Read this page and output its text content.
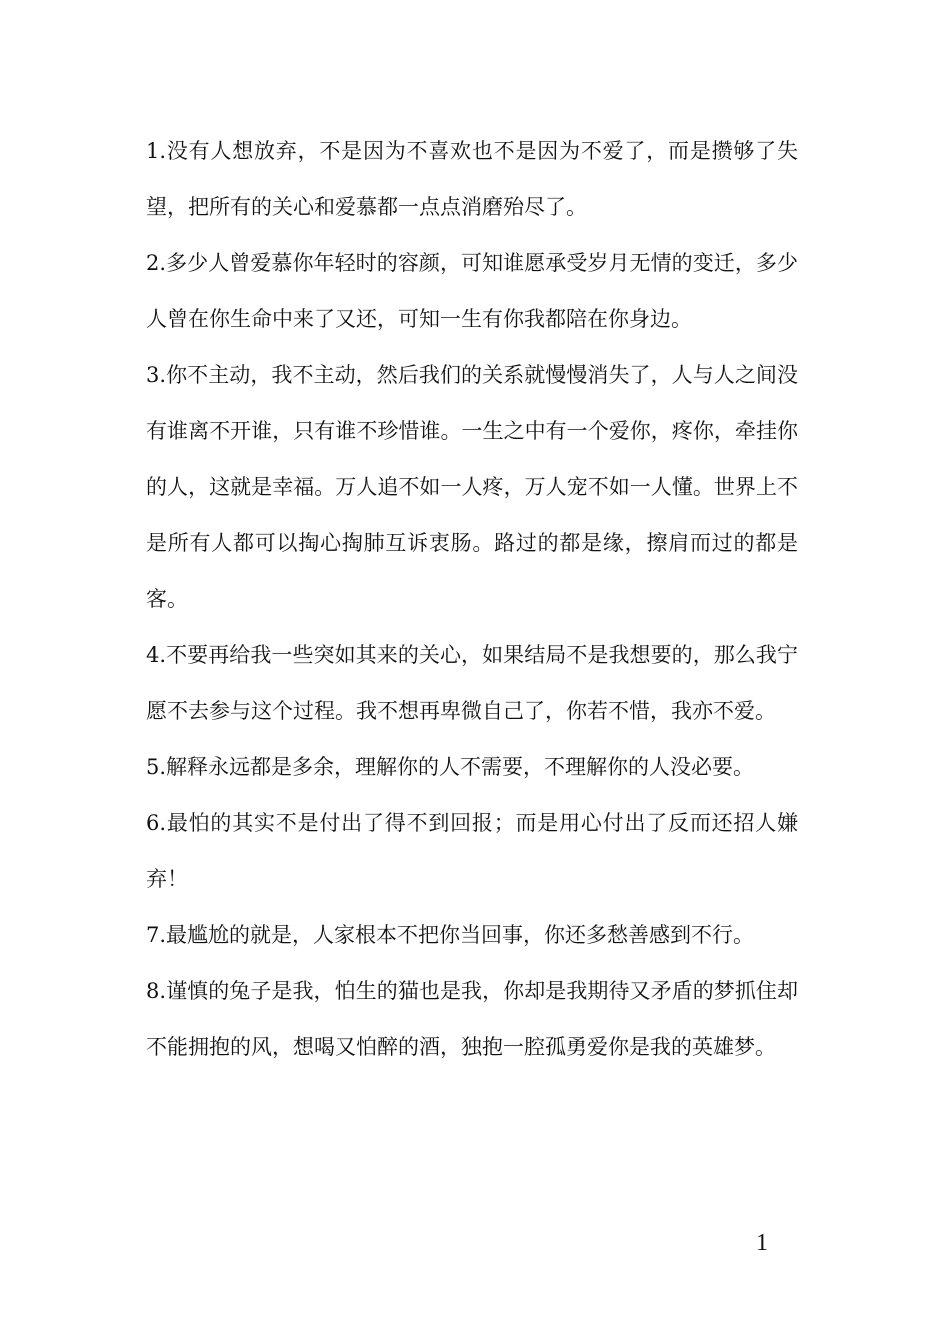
1.没有人想放弃，不是因为不喜欢也不是因为不爱了，而是攒够了失望，把所有的关心和爱慕都一点点消磨殆尽了。

2.多少人曾爱慕你年轻时的容颜，可知谁愿承受岁月无情的变迁，多少人曾在你生命中来了又还，可知一生有你我都陪在你身边。

3.你不主动，我不主动，然后我们的关系就慢慢消失了，人与人之间没有谁离不开谁，只有谁不珍惜谁。一生之中有一个爱你，疼你，牵挂你的人，这就是幸福。万人追不如一人疼，万人宠不如一人懂。世界上不是所有人都可以掏心掏肺互诉衷肠。路过的都是缘，擦肩而过的都是客。

4.不要再给我一些突如其来的关心，如果结局不是我想要的，那么我宁愿不去参与这个过程。我不想再卑微自己了，你若不惜，我亦不爱。

5.解释永远都是多余，理解你的人不需要，不理解你的人没必要。

6.最怕的其实不是付出了得不到回报；而是用心付出了反而还招人嫌弃！

7.最尴尬的就是，人家根本不把你当回事，你还多愁善感到不行。

8.谨慎的兔子是我，怕生的猫也是我，你却是我期待又矛盾的梦抓住却不能拥抱的风，想喝又怕醉的酒，独抱一腔孤勇爱你是我的英雄梦。

1
